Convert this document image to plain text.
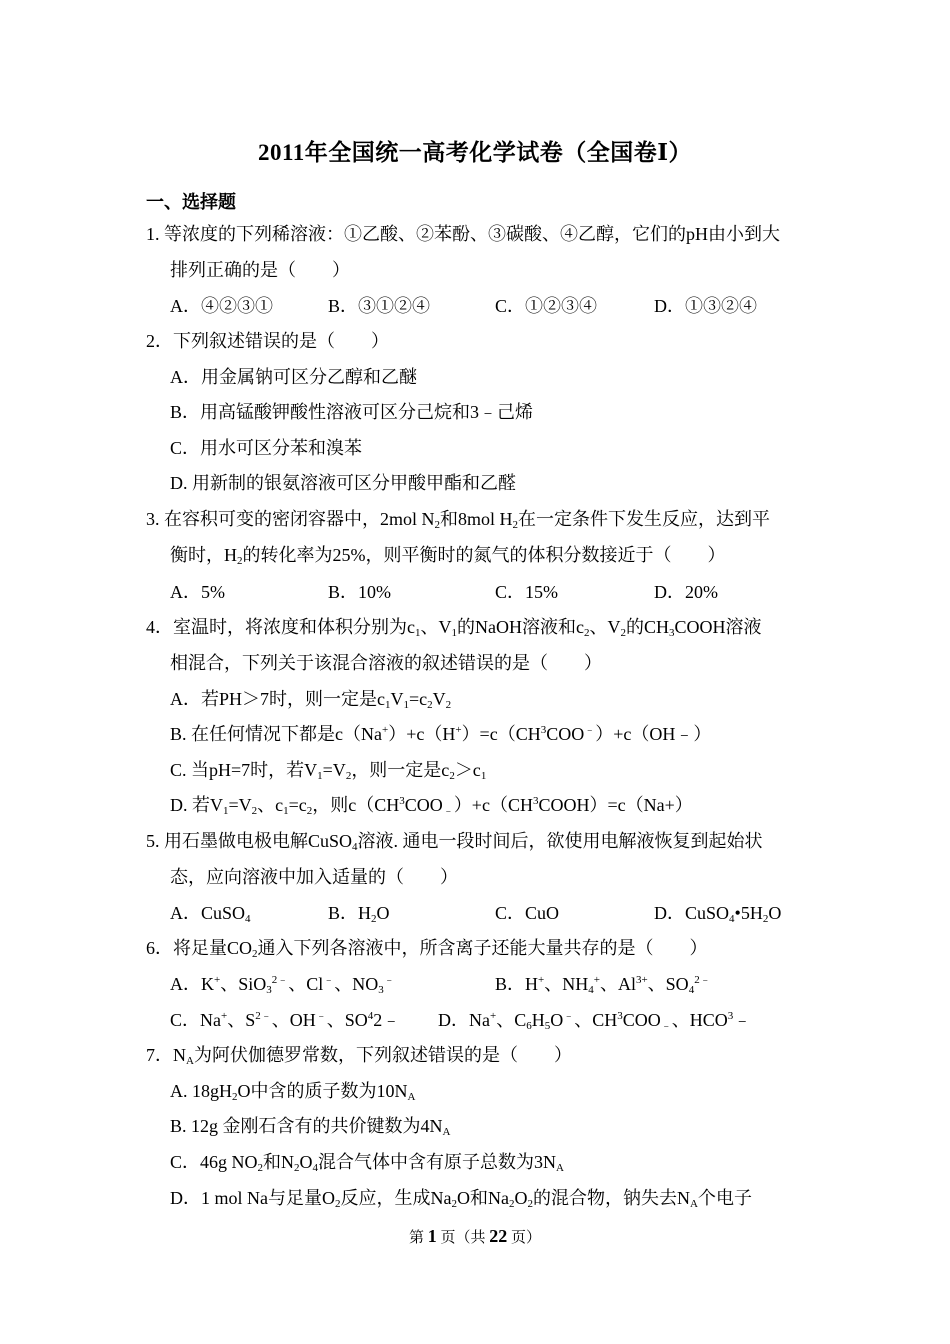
2011年全国统一高考化学试卷（全国卷Ⅰ）
一、选择题
1. 等浓度的下列稀溶液：①乙酸、②苯酚、③碳酸、④乙醇，它们的pH由小到大
排列正确的是（　　）
A．④②③①	B．③①②④	C．①②③④	D．①③②④
2．下列叙述错误的是（　　）
A．用金属钠可区分乙醇和乙醚
B．用高锰酸钾酸性溶液可区分己烷和3﹣己烯
C．用水可区分苯和溴苯
D. 用新制的银氨溶液可区分甲酸甲酯和乙醛
3. 在容积可变的密闭容器中，2mol $N_2$和8mol $H_2$在一定条件下发生反应，达到平
衡时，$H_2$的转化率为25%，则平衡时的氮气的体积分数接近于（　　）
A．5%	B．10%	C．15%	D．20%
4．室温时，将浓度和体积分别为$c_1$、$V_1$的NaOH溶液和$c_2$、$V_2$的$CH_3COOH$溶液
相混合，下列关于该混合溶液的叙述错误的是（　　）
A．若PH＞7时，则一定是$c_1V_1=c_2V_2$
B. 在任何情况下都是$c(Na^+)+c(H^+)=c(CH^3COO^﹣)+c(OH﹣)$
C. 当pH=7时，若$V_1=V_2$，则一定是$c_2>c_1$
D. 若$V_1=V_2$、$c_1=c_2$，则$c(CH^3COO_﹣)+c(CH^3COOH)=c(Na+)$
5. 用石墨做电极电解CuSO$_4$溶液. 通电一段时间后，欲使用电解液恢复到起始状
态，应向溶液中加入适量的（　　）
A．CuSO$_4$	B．$H_2O$	C．CuO	D．$CuSO_4•5H_2O$
6．将足量$CO_2$通入下列各溶液中，所含离子还能大量共存的是（　　）
A．K+、SiO$_3^{2﹣}$、Cl﹣、$NO_3^﹣$	B．H+、$NH_4^+$、$Al^{3+}$、$SO_4^{2﹣}$
C．Na+、$S^{2﹣}$、OH﹣、$SO^42﹣$ D．Na+、$C_6H_5O^﹣$、$CH^3COO_﹣$、HCO$^3$﹣
7．$N_A$为阿伏伽德罗常数，下列叙述错误的是（　　）
A. $18gH_2O$中含的质子数为$10N_A$
B. 12g 金刚石含有的共价键数为$4N_A$
C．46g $NO_2$和$N_2O_4$混合气体中含有原子总数为$3N_A$
D．1 mol Na与足量$O_2$反应，生成$Na_2O$和$Na_2O_2$的混合物，钠失去$N_A$个电子
第 1 页（共 22 页）
